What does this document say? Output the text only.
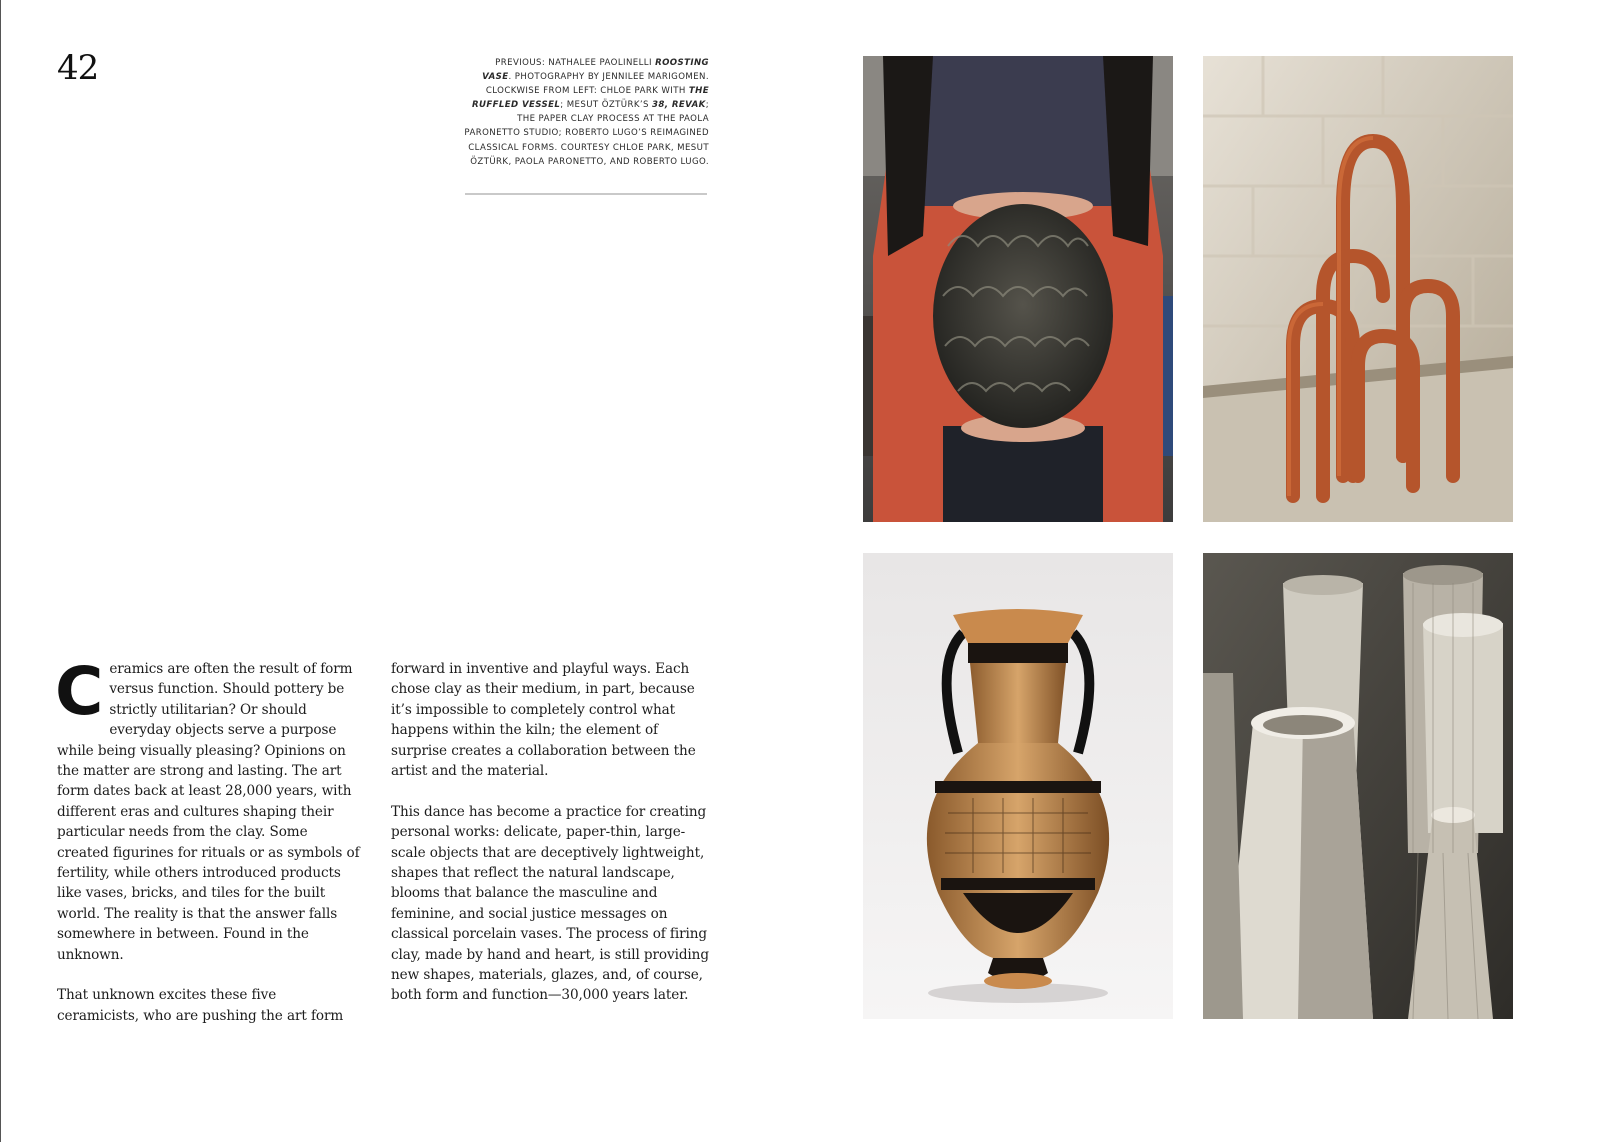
42	PREVIOUS: NATHALEE PAOLINELLI ROOSTING VASE. PHOTOGRAPHY BY JENNILEE MARIGOMEN. CLOCKWISE FROM LEFT: CHLOE PARK WITH THE RUFFLED VESSEL; MESUT ÖZTÜRK’S 38, REVAK; THE PAPER CLAY PROCESS AT THE PAOLA PARONETTO STUDIO; ROBERTO LUGO’S REIMAGINED CLASSICAL FORMS. COURTESY CHLOE PARK, MESUT ÖZTÜRK, PAOLA PARONETTO, AND ROBERTO LUGO.

Ceramics are often the result of form versus function. Should pottery be strictly utilitarian? Or should everyday objects serve a purpose while being visually pleasing? Opinions on the matter are strong and lasting. The art form dates back at least 28,000 years, with different eras and cultures shaping their particular needs from the clay. Some created figurines for rituals or as symbols of fertility, while others introduced products like vases, bricks, and tiles for the built world. The reality is that the answer falls somewhere in between. Found in the unknown.

That unknown excites these five ceramicists, who are pushing the art form

forward in inventive and playful ways. Each chose clay as their medium, in part, because it’s impossible to completely control what happens within the kiln; the element of surprise creates a collaboration between the artist and the material.

This dance has become a practice for creating personal works: delicate, paper-thin, large-scale objects that are deceptively lightweight, shapes that reflect the natural landscape, blooms that balance the masculine and feminine, and social justice messages on classical porcelain vases. The process of firing clay, made by hand and heart, is still providing new shapes, materials, glazes, and, of course, both form and function—30,000 years later.
